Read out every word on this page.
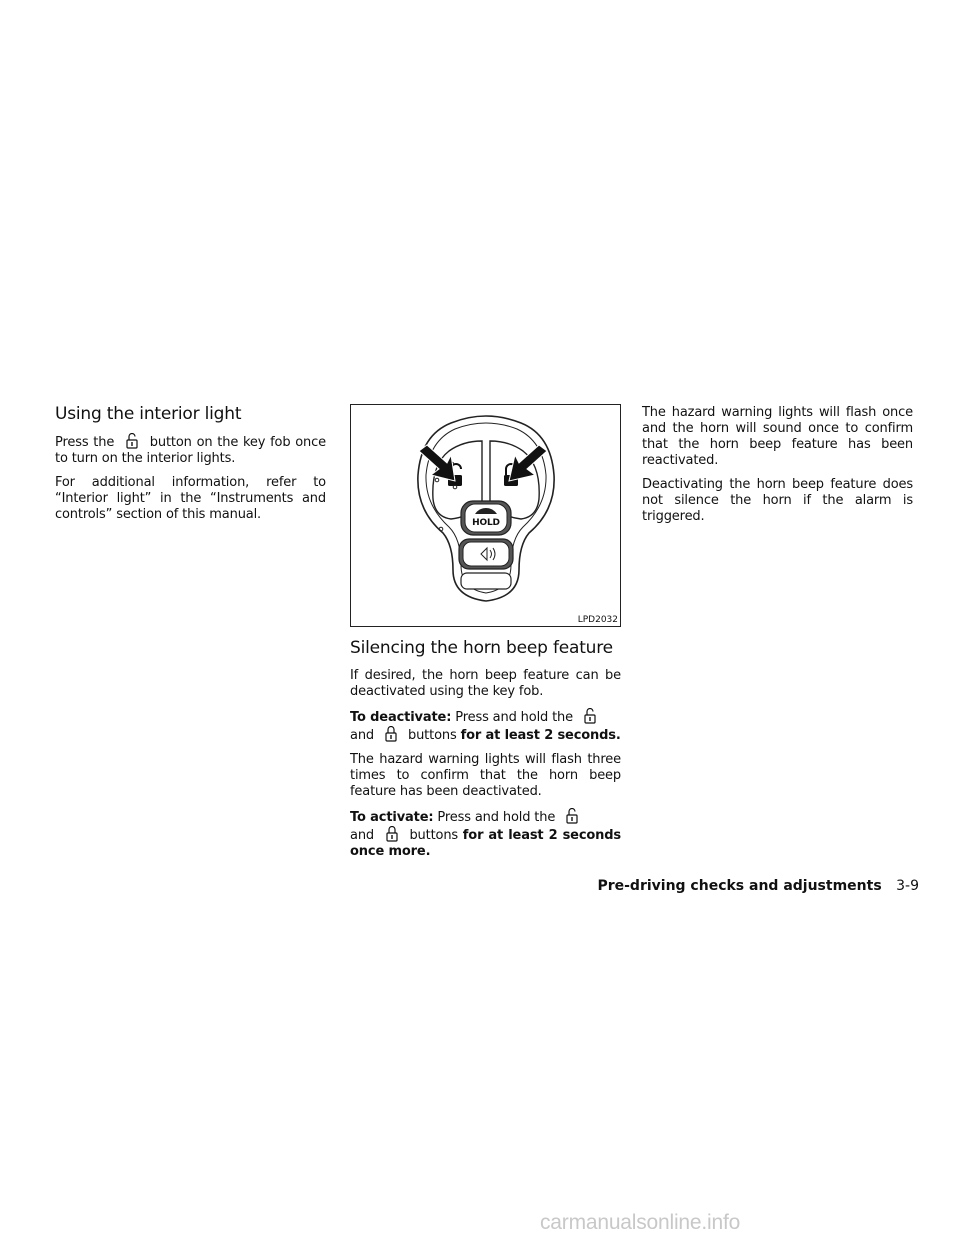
Using the interior light

Press the	button on the key fob once to turn on the interior lights.

For additional information, refer to “Interior light” in the “Instruments and controls” section of this manual.

HOLD
LPD2032
Silencing the horn beep feature

If desired, the horn beep feature can be deactivated using the key fob.

To deactivate: Press and hold the

and	buttons for at least 2 seconds.

The hazard warning lights will flash three times to confirm that the horn beep feature has been deactivated.

To activate: Press and hold the

and	buttons for at least 2 seconds once more.

The hazard warning lights will flash once and the horn will sound once to confirm that the horn beep feature has been reactivated.

Deactivating the horn beep feature does not silence the horn if the alarm is triggered.

Pre-driving checks and adjustments 3-9
carmanualsonline.info
